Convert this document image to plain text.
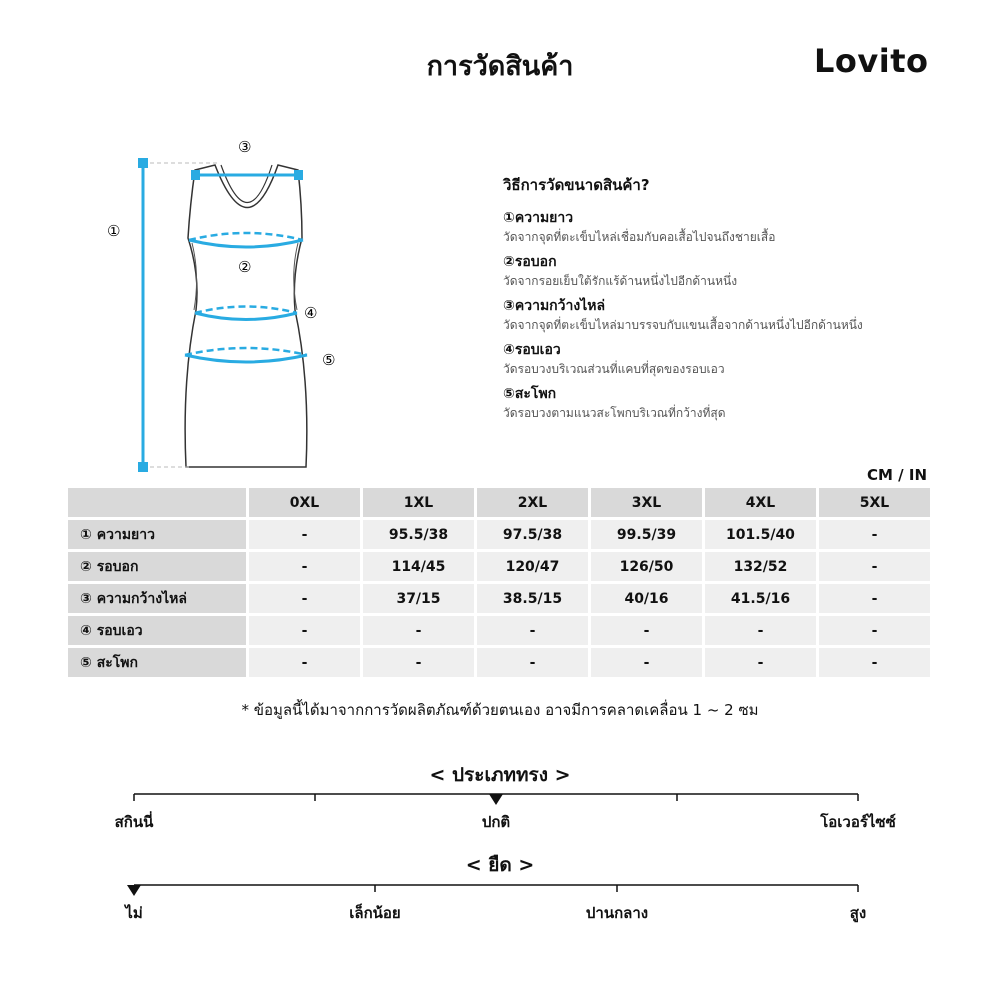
การวัดสินค้า	Lovito
①
②
③
④
⑤
วิธีการวัดขนาดสินค้า?
①ความยาว
วัดจากจุดที่ตะเข็บไหล่เชื่อมกับคอเสื้อไปจนถึงชายเสื้อ
②รอบอก
วัดจากรอยเย็บใต้รักแร้ด้านหนึ่งไปอีกด้านหนึ่ง
③ความกว้างไหล่
วัดจากจุดที่ตะเข็บไหล่มาบรรจบกับแขนเสื้อจากด้านหนึ่งไปอีกด้านหนึ่ง
④รอบเอว
วัดรอบวงบริเวณส่วนที่แคบที่สุดของรอบเอว
⑤สะโพก
วัดรอบวงตามแนวสะโพกบริเวณที่กว้างที่สุด
CM / IN
	0XL	1XL	2XL	3XL	4XL	5XL
① ความยาว	-	95.5/38	97.5/38	99.5/39	101.5/40	-
② รอบอก	-	114/45	120/47	126/50	132/52	-
③ ความกว้างไหล่	-	37/15	38.5/15	40/16	41.5/16	-
④ รอบเอว	-	-	-	-	-	-
⑤ สะโพก	-	-	-	-	-	-
* ข้อมูลนี้ได้มาจากการวัดผลิตภัณฑ์ด้วยตนเอง อาจมีการคลาดเคลื่อน 1 ~ 2 ซม
< ประเภททรง >
สกินนี่	ปกติ	โอเวอร์ไซซ์
< ยืด >
ไม่	เล็กน้อย	ปานกลาง	สูง
